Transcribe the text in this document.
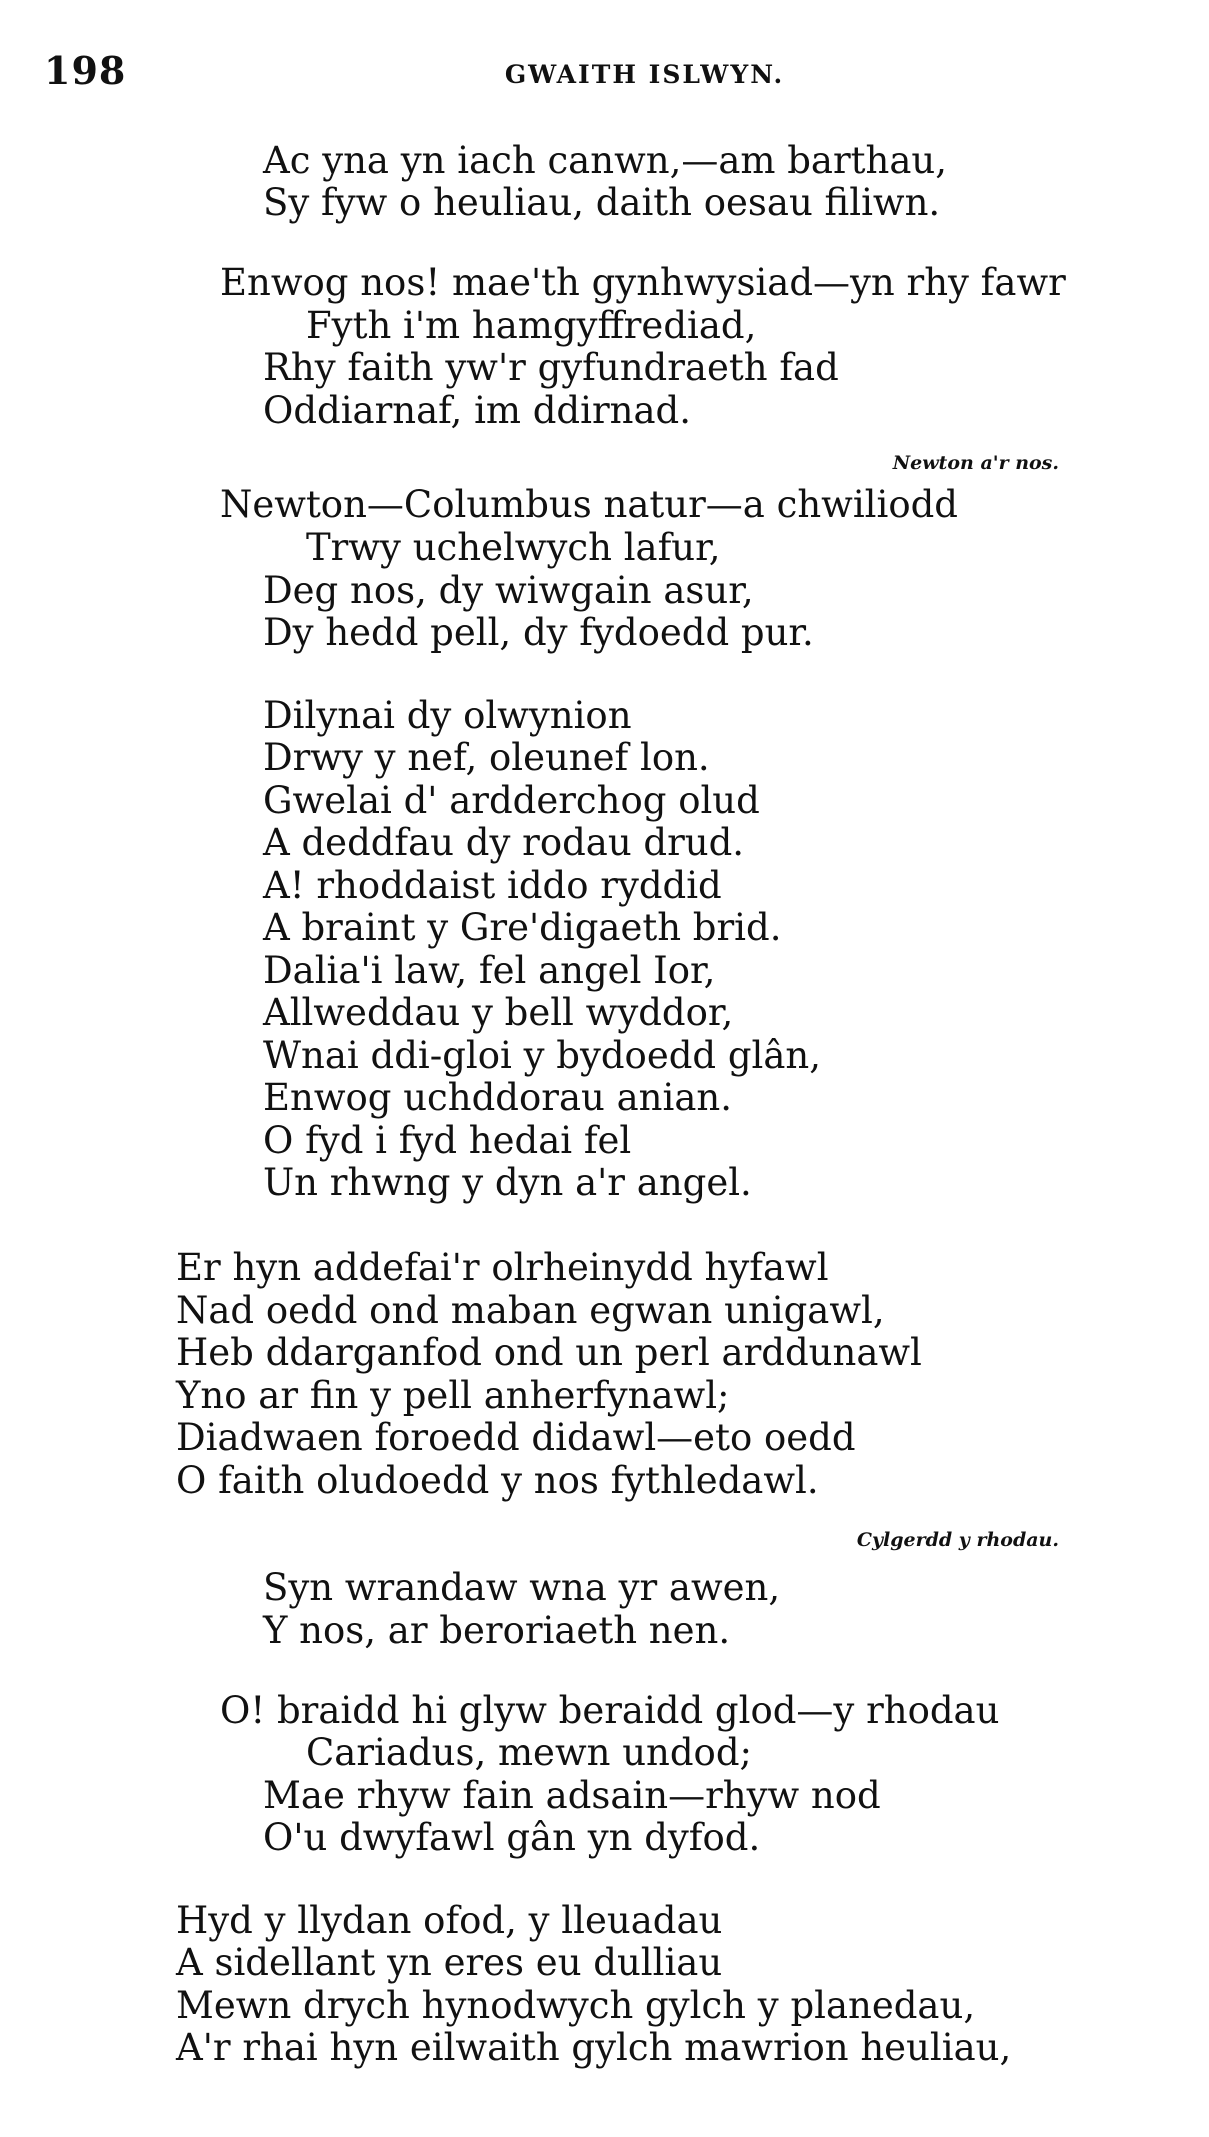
198	GWAITH ISLWYN.
Ac yna yn iach canwn,—am barthau,
Sy fyw o heuliau, daith oesau filiwn.
Enwog nos! mae'th gynhwysiad—yn rhy fawr
Fyth i'm hamgyffrediad,
Rhy faith yw'r gyfundraeth fad
Oddiarnaf, im ddirnad.
Newton a'r nos.
Newton—Columbus natur—a chwiliodd
Trwy uchelwych lafur,
Deg nos, dy wiwgain asur,
Dy hedd pell, dy fydoedd pur.
Dilynai dy olwynion
Drwy y nef, oleunef lon.
Gwelai d' ardderchog olud
A deddfau dy rodau drud.
A! rhoddaist iddo ryddid
A braint y Gre'digaeth brid.
Dalia'i law, fel angel Ior,
Allweddau y bell wyddor,
Wnai ddi-gloi y bydoedd glân,
Enwog uchddorau anian.
O fyd i fyd hedai fel
Un rhwng y dyn a'r angel.
Er hyn addefai'r olrheinydd hyfawl
Nad oedd ond maban egwan unigawl,
Heb ddarganfod ond un perl arddunawl
Yno ar fin y pell anherfynawl;
Diadwaen foroedd didawl—eto oedd
O faith oludoedd y nos fythledawl.
Cylgerdd y rhodau.
Syn wrandaw wna yr awen,
Y nos, ar beroriaeth nen.
O! braidd hi glyw beraidd glod—y rhodau
Cariadus, mewn undod;
Mae rhyw fain adsain—rhyw nod
O'u dwyfawl gân yn dyfod.
Hyd y llydan ofod, y lleuadau
A sidellant yn eres eu dulliau
Mewn drych hynodwych gylch y planedau,
A'r rhai hyn eilwaith gylch mawrion heuliau,
